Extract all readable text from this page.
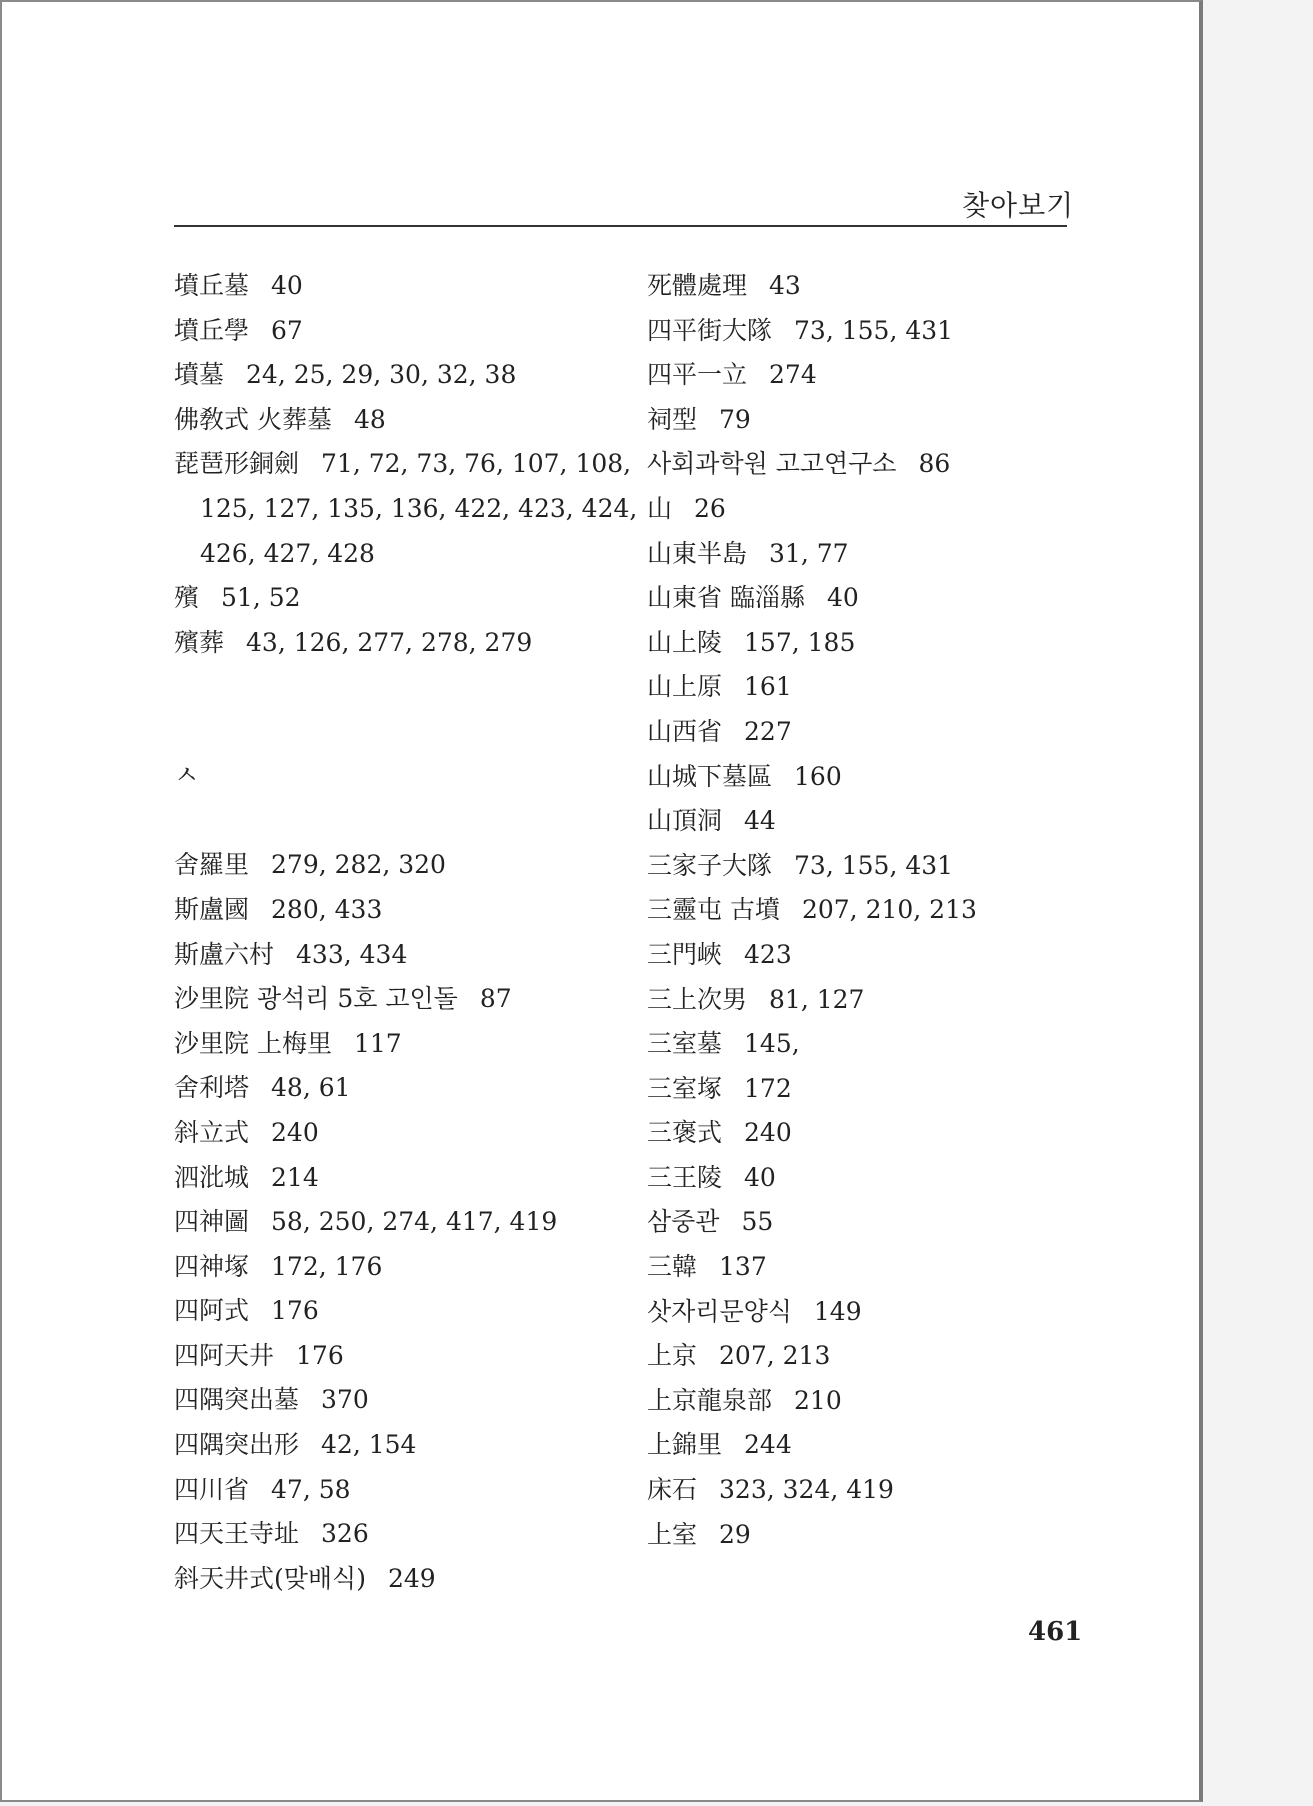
찾아보기
墳丘墓 40
墳丘學 67
墳墓 24, 25, 29, 30, 32, 38
佛敎式 火葬墓 48
琵琶形銅劍 71, 72, 73, 76, 107, 108,
125, 127, 135, 136, 422, 423, 424,
426, 427, 428
殯 51, 52
殯葬 43, 126, 277, 278, 279
ㅅ
舍羅里 279, 282, 320
斯盧國 280, 433
斯盧六村 433, 434
沙里院 광석리 5호 고인돌 87
沙里院 上梅里 117
舍利塔 48, 61
斜立式 240
泗沘城 214
四神圖 58, 250, 274, 417, 419
四神塚 172, 176
四阿式 176
四阿天井 176
四隅突出墓 370
四隅突出形 42, 154
四川省 47, 58
四天王寺址 326
斜天井式(맞배식) 249
死體處理 43
四平街大隊 73, 155, 431
四平一立 274
祠型 79
사회과학원 고고연구소 86
山 26
山東半島 31, 77
山東省 臨淄縣 40
山上陵 157, 185
山上原 161
山西省 227
山城下墓區 160
山頂洞 44
三家子大隊 73, 155, 431
三靈屯 古墳 207, 210, 213
三門峽 423
三上次男 81, 127
三室墓 145,
三室塚 172
三褒式 240
三王陵 40
삼중관 55
三韓 137
삿자리문양식 149
上京 207, 213
上京龍泉部 210
上錦里 244
床石 323, 324, 419
上室 29
461
